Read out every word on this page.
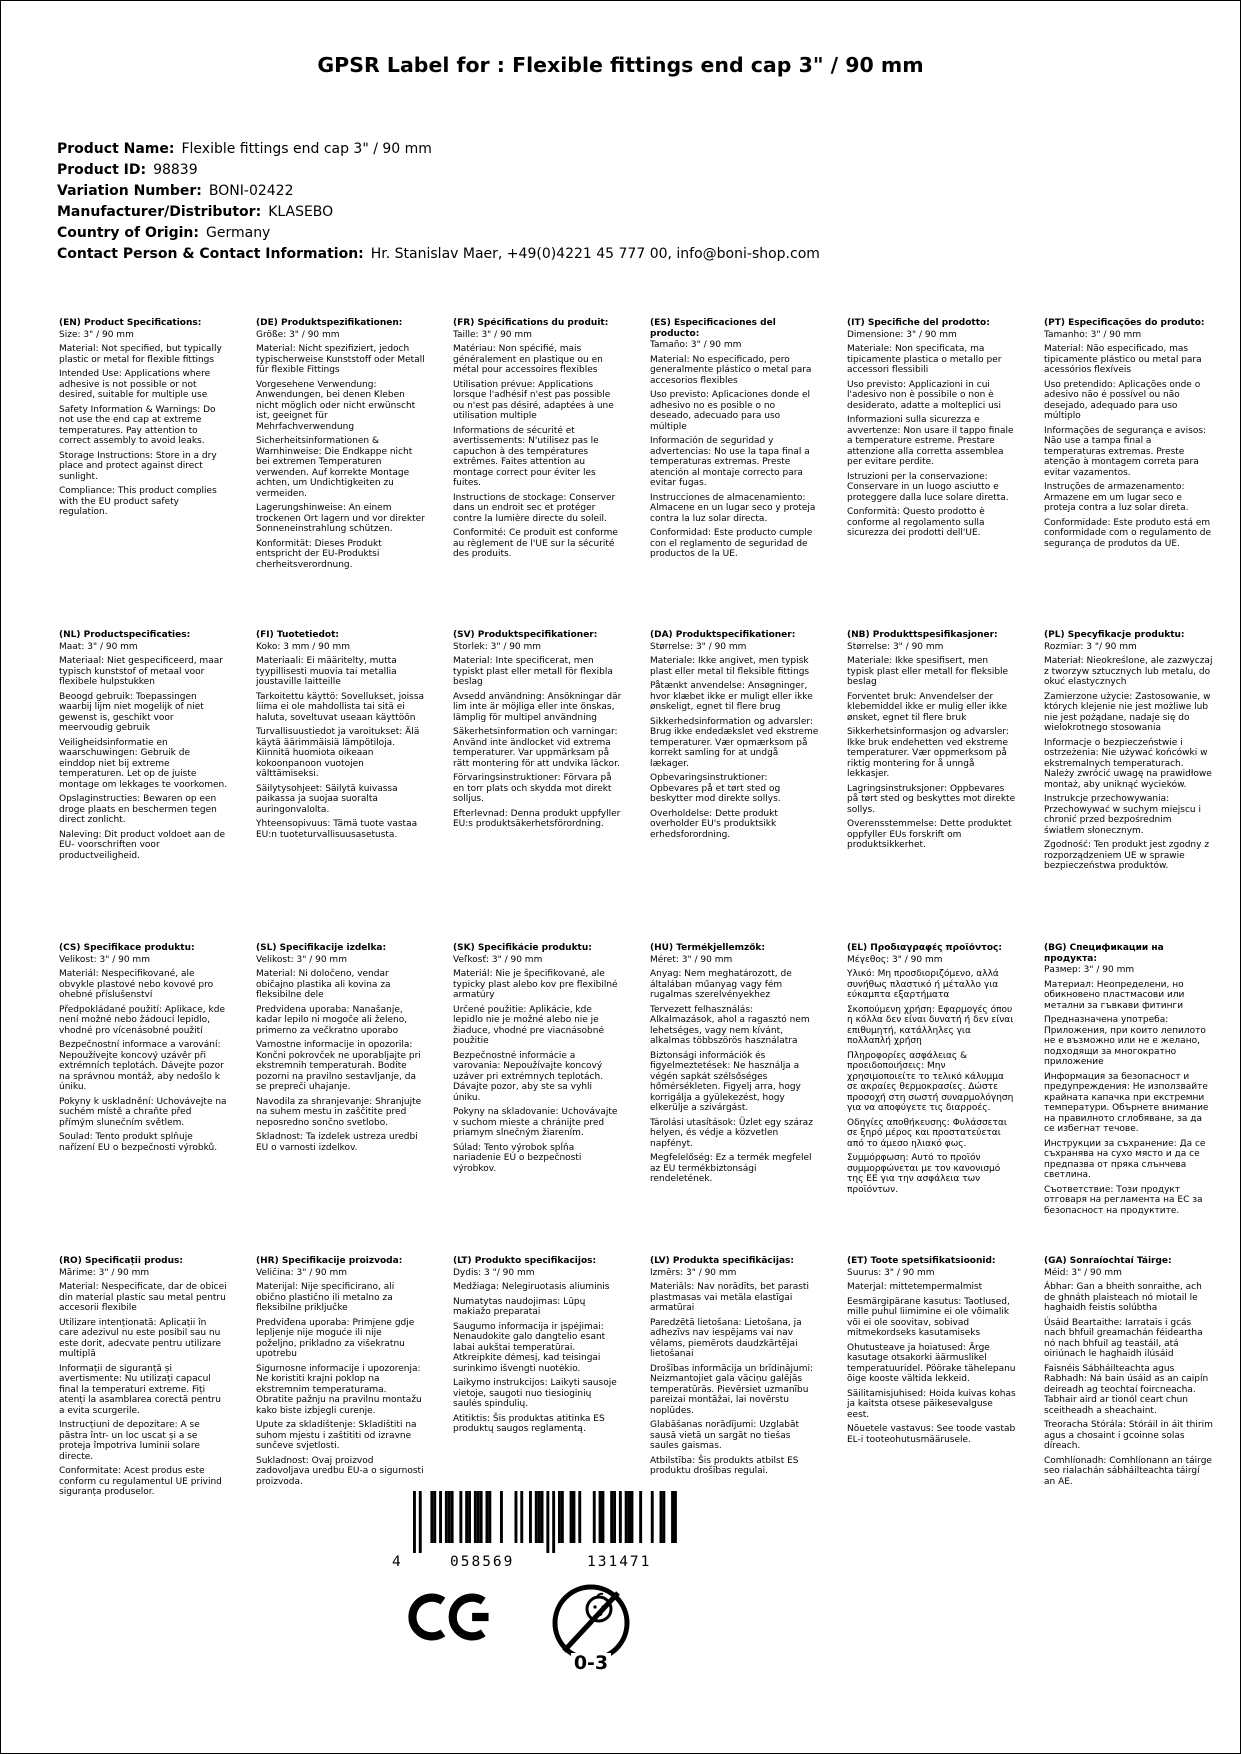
GPSR Label for : Flexible fittings end cap 3" / 90 mm
Product Name: Flexible fittings end cap 3" / 90 mm
Product ID: 98839
Variation Number: BONI-02422
Manufacturer/Distributor: KLASEBO
Country of Origin: Germany
Contact Person & Contact Information: Hr. Stanislav Maer, +49(0)4221 45 777 00, info@boni-shop.com
(EN) Product Specifications:

Size: 3" / 90 mm

Material: Not specified, but typically plastic or metal for flexible fittings

Intended Use: Applications where adhesive is not possible or not desired, suitable for multiple use

Safety Information & Warnings: Do not use the end cap at extreme temperatures. Pay attention to correct assembly to avoid leaks.

Storage Instructions: Store in a dry place and protect against direct sunlight.

Compliance: This product complies with the EU product safety regulation.

(DE) Produktspezifikationen:

Größe: 3" / 90 mm

Material: Nicht spezifiziert, jedoch typischerweise Kunststoff oder Metall für flexible Fittings

Vorgesehene Verwendung: Anwendungen, bei denen Kleben nicht möglich oder nicht erwünscht ist, geeignet für Mehrfachverwendung

Sicherheitsinformationen & Warnhinweise: Die Endkappe nicht bei extremen Temperaturen verwenden. Auf korrekte Montage achten, um Undichtigkeiten zu vermeiden.

Lagerungshinweise: An einem trockenen Ort lagern und vor direkter Sonneneinstrahlung schützen.

Konformität: Dieses Produkt entspricht der EU-Produktsi cherheitsverordnung.

(FR) Spécifications du produit:

Taille: 3" / 90 mm

Matériau: Non spécifié, mais généralement en plastique ou en métal pour accessoires flexibles

Utilisation prévue: Applications lorsque l'adhésif n'est pas possible ou n'est pas désiré, adaptées à une utilisation multiple

Informations de sécurité et avertissements: N'utilisez pas le capuchon à des températures extrêmes. Faites attention au montage correct pour éviter les fuites.

Instructions de stockage: Conserver dans un endroit sec et protéger contre la lumière directe du soleil.

Conformité: Ce produit est conforme au règlement de l'UE sur la sécurité des produits.

(ES) Especificaciones del producto:

Tamaño: 3" / 90 mm

Material: No especificado, pero generalmente plástico o metal para accesorios flexibles

Uso previsto: Aplicaciones donde el adhesivo no es posible o no deseado, adecuado para uso múltiple

Información de seguridad y advertencias: No use la tapa final a temperaturas extremas. Preste atención al montaje correcto para evitar fugas.

Instrucciones de almacenamiento: Almacene en un lugar seco y proteja contra la luz solar directa.

Conformidad: Este producto cumple con el reglamento de seguridad de productos de la UE.

(IT) Specifiche del prodotto:

Dimensione: 3" / 90 mm

Materiale: Non specificata, ma tipicamente plastica o metallo per accessori flessibili

Uso previsto: Applicazioni in cui l'adesivo non è possibile o non è desiderato, adatte a molteplici usi

Informazioni sulla sicurezza e avvertenze: Non usare il tappo finale a temperature estreme. Prestare attenzione alla corretta assemblea per evitare perdite.

Istruzioni per la conservazione: Conservare in un luogo asciutto e proteggere dalla luce solare diretta.

Conformità: Questo prodotto è conforme al regolamento sulla sicurezza dei prodotti dell'UE.

(PT) Especificações do produto:

Tamanho: 3" / 90 mm

Material: Não especificado, mas tipicamente plástico ou metal para acessórios flexíveis

Uso pretendido: Aplicações onde o adesivo não é possível ou não desejado, adequado para uso múltiplo

Informações de segurança e avisos: Não use a tampa final a temperaturas extremas. Preste atenção à montagem correta para evitar vazamentos.

Instruções de armazenamento: Armazene em um lugar seco e proteja contra a luz solar direta.

Conformidade: Este produto está em conformidade com o regulamento de segurança de produtos da UE.

(NL) Productspecificaties:

Maat: 3" / 90 mm

Materiaal: Niet gespecificeerd, maar typisch kunststof of metaal voor flexibele hulpstukken

Beoogd gebruik: Toepassingen waarbij lijm niet mogelijk of niet gewenst is, geschikt voor meervoudig gebruik

Veiligheidsinformatie en waarschuwingen: Gebruik de einddop niet bij extreme temperaturen. Let op de juiste montage om lekkages te voorkomen.

Opslaginstructies: Bewaren op een droge plaats en beschermen tegen direct zonlicht.

Naleving: Dit product voldoet aan de EU- voorschriften voor productveiligheid.

(FI) Tuotetiedot:

Koko: 3 mm / 90 mm

Materiaali: Ei määritelty, mutta tyypillisesti muovia tai metallia joustaville laitteille

Tarkoitettu käyttö: Sovellukset, joissa liima ei ole mahdollista tai sitä ei haluta, soveltuvat useaan käyttöön

Turvallisuustiedot ja varoitukset: Älä käytä äärimmäisiä lämpötiloja. Kiinnitä huomiota oikeaan kokoonpanoon vuotojen välttämiseksi.

Säilytysohjeet: Säilytä kuivassa paikassa ja suojaa suoralta auringonvalolta.

Yhteensopivuus: Tämä tuote vastaa EU:n tuoteturvallisuusasetusta.

(SV) Produktspecifikationer:

Storlek: 3" / 90 mm

Material: Inte specificerat, men typiskt plast eller metall för flexibla beslag

Avsedd användning: Ansökningar där lim inte är möjliga eller inte önskas, lämplig för multipel användning

Säkerhetsinformation och varningar: Använd inte ändlocket vid extrema temperaturer. Var uppmärksam på rätt montering för att undvika läckor.

Förvaringsinstruktioner: Förvara på en torr plats och skydda mot direkt solljus.

Efterlevnad: Denna produkt uppfyller EU:s produktsäkerhetsförordning.

(DA) Produktspecifikationer:

Størrelse: 3" / 90 mm

Materiale: Ikke angivet, men typisk plast eller metal til fleksible fittings

Påtænkt anvendelse: Ansøgninger, hvor klæbet ikke er muligt eller ikke ønskeligt, egnet til flere brug

Sikkerhedsinformation og advarsler: Brug ikke endedækslet ved ekstreme temperaturer. Vær opmærksom på korrekt samling for at undgå lækager.

Opbevaringsinstruktioner: Opbevares på et tørt sted og beskytter mod direkte sollys.

Overholdelse: Dette produkt overholder EU's produktsikk erhedsforordning.

(NB) Produkttspesifikasjoner:

Størrelse: 3" / 90 mm

Materiale: Ikke spesifisert, men typisk plast eller metall for fleksible beslag

Forventet bruk: Anvendelser der klebemiddel ikke er mulig eller ikke ønsket, egnet til flere bruk

Sikkerhetsinformasjon og advarsler: Ikke bruk endehetten ved ekstreme temperaturer. Vær oppmerksom på riktig montering for å unngå lekkasjer.

Lagringsinstruksjoner: Oppbevares på tørt sted og beskyttes mot direkte sollys.

Overensstemmelse: Dette produktet oppfyller EUs forskrift om produktsikkerhet.

(PL) Specyfikacje produktu:

Rozmiar: 3 "/ 90 mm

Materiał: Nieokreślone, ale zazwyczaj z tworzyw sztucznych lub metalu, do okuć elastycznych

Zamierzone użycie: Zastosowanie, w których klejenie nie jest możliwe lub nie jest pożądane, nadaje się do wielokrotnego stosowania

Informacje o bezpieczeństwie i ostrzeżenia: Nie używać końcówki w ekstremalnych temperaturach. Należy zwrócić uwagę na prawidłowe montaż, aby uniknąć wycieków.

Instrukcje przechowywania: Przechowywać w suchym miejscu i chronić przed bezpośrednim światłem słonecznym.

Zgodność: Ten produkt jest zgodny z rozporządzeniem UE w sprawie bezpieczeństwa produktów.

(CS) Specifikace produktu:

Velikost: 3" / 90 mm

Materiál: Nespecifikované, ale obvykle plastové nebo kovové pro ohebné příslušenství

Předpokládané použití: Aplikace, kde není možné nebo žádoucí lepidlo, vhodné pro vícenásobné použití

Bezpečnostní informace a varování: Nepoužívejte koncový uzávěr při extrémních teplotách. Dávejte pozor na správnou montáž, aby nedošlo k úniku.

Pokyny k uskladnění: Uchovávejte na suchém místě a chraňte před přímým slunečním světlem.

Soulad: Tento produkt splňuje nařízení EU o bezpečnosti výrobků.

(SL) Specifikacije izdelka:

Velikost: 3" / 90 mm

Material: Ni določeno, vendar običajno plastika ali kovina za fleksibilne dele

Predvidena uporaba: Nanašanje, kadar lepilo ni mogoče ali želeno, primerno za večkratno uporabo

Varnostne informacije in opozorila: Končni pokrovček ne uporabljajte pri ekstremnih temperaturah. Bodite pozorni na pravilno sestavljanje, da se prepreči uhajanje.

Navodila za shranjevanje: Shranjujte na suhem mestu in zaščitite pred neposredno sončno svetlobo.

Skladnost: Ta izdelek ustreza uredbi EU o varnosti izdelkov.

(SK) Špecifikácie produktu:

Veľkosť: 3" / 90 mm

Materiál: Nie je špecifikované, ale typicky plast alebo kov pre flexibilné armatúry

Určené použitie: Aplikácie, kde lepidlo nie je možné alebo nie je žiaduce, vhodné pre viacnásobné použitie

Bezpečnostné informácie a varovania: Nepoužívajte koncový uzáver pri extrémnych teplotách. Dávajte pozor, aby ste sa vyhli úniku.

Pokyny na skladovanie: Uchovávajte v suchom mieste a chránijte pred priamym slnečným žiarením.

Súlad: Tento výrobok spĺňa nariadenie EÚ o bezpečnosti výrobkov.

(HU) Termékjellemzők:

Méret: 3" / 90 mm

Anyag: Nem meghatározott, de általában műanyag vagy fém rugalmas szerelvényekhez

Tervezett felhasználás: Alkalmazások, ahol a ragasztó nem lehetséges, vagy nem kívánt, alkalmas többszörös használatra

Biztonsági információk és figyelmeztetések: Ne használja a végén sapkát szélsőséges hőmérsékleten. Figyelj arra, hogy korrigálja a gyülekezést, hogy elkerülje a szivárgást.

Tárolási utasítások: Üzlet egy száraz helyen, és védje a közvetlen napfényt.

Megfelelőség: Ez a termék megfelel az EU termékbiztonsági rendeletének.

(EL) Προδιαγραφές προϊόντος:

Μέγεθος: 3" / 90 mm

Υλικό: Μη προσδιοριζόμενο, αλλά συνήθως πλαστικό ή μέταλλο για εύκαμπτα εξαρτήματα

Σκοπούμενη χρήση: Εφαρμογές όπου η κόλλα δεν είναι δυνατή ή δεν είναι επιθυμητή, κατάλληλες για πολλαπλή χρήση

Πληροφορίες ασφάλειας & προειδοποιήσεις: Μην χρησιμοποιείτε το τελικό κάλυμμα σε ακραίες θερμοκρασίες. Δώστε προσοχή στη σωστή συναρμολόγηση για να αποφύγετε τις διαρροές.

Οδηγίες αποθήκευσης: Φυλάσσεται σε ξηρό μέρος και προστατεύεται από το άμεσο ηλιακό φως.

Συμμόρφωση: Αυτό το προϊόν συμμορφώνεται με τον κανονισμό της ΕΕ για την ασφάλεια των προϊόντων.

(BG) Спецификации на продукта:

Размер: 3" / 90 mm

Материал: Неопределени, но обикновено пластмасови или метални за гъвкави фитинги

Предназначена употреба: Приложения, при които лепилото не е възможно или не е желано, подходящи за многократно приложение

Информация за безопасност и предупреждения: Не използвайте крайната капачка при екстремни температури. Обърнете внимание на правилното сглобяване, за да се избегнат течове.

Инструкции за съхранение: Да се съхранява на сухо място и да се предпазва от пряка слънчева светлина.

Съответствие: Този продукт отговаря на регламента на ЕС за безопасност на продуктите.

(RO) Specificații produs:

Mărime: 3" / 90 mm

Material: Nespecificate, dar de obicei din material plastic sau metal pentru accesorii flexibile

Utilizare intenționată: Aplicații în care adezivul nu este posibil sau nu este dorit, adecvate pentru utilizare multiplă

Informații de siguranță și avertismente: Nu utilizați capacul final la temperaturi extreme. Fiți atenți la asamblarea corectă pentru a evita scurgerile.

Instrucțiuni de depozitare: A se păstra într- un loc uscat și a se proteja împotriva luminii solare directe.

Conformitate: Acest produs este conform cu regulamentul UE privind siguranța produselor.

(HR) Specifikacije proizvoda:

Veličina: 3" / 90 mm

Materijal: Nije specificirano, ali obično plastično ili metalno za fleksibilne priključke

Predviđena uporaba: Primjene gdje lepljenje nije moguće ili nije poželjno, prikladno za višekratnu upotrebu

Sigurnosne informacije i upozorenja: Ne koristiti krajni poklop na ekstremnim temperaturama. Obratite pažnju na pravilnu montažu kako biste izbjegli curenje.

Upute za skladištenje: Skladištiti na suhom mjestu i zaštititi od izravne sunčeve svjetlosti.

Sukladnost: Ovaj proizvod zadovoljava uredbu EU-a o sigurnosti proizvoda.

(LT) Produkto specifikacijos:

Dydis: 3 "/ 90 mm

Medžiaga: Nelegiruotasis aliuminis

Numatytas naudojimas: Lūpų makiažo preparatai

Saugumo informacija ir įspėjimai: Nenaudokite galo dangtelio esant labai aukštai temperatūrai. Atkreipkite dėmesį, kad teisingai surinkimo išvengti nuotėkio.

Laikymo instrukcijos: Laikyti sausoje vietoje, saugoti nuo tiesioginių saulės spindulių.

Atitiktis: Šis produktas atitinka ES produktų saugos reglamentą.

(LV) Produkta specifikācijas:

Izmērs: 3" / 90 mm

Materiāls: Nav norādīts, bet parasti plastmasas vai metāla elastīgai armatūrai

Paredzētā lietošana: Lietošana, ja adhezīvs nav iespējams vai nav vēlams, piemērots daudzkārtējai lietošanai

Drošības informācija un brīdinājumi: Neizmantojiet gala vāciņu galējās temperatūrās. Pievērsiet uzmanību pareizai montāžai, lai novērstu noplūdes.

Glabāšanas norādījumi: Uzglabāt sausā vietā un sargāt no tiešas saules gaismas.

Atbilstība: Šis produkts atbilst ES produktu drošības regulai.

(ET) Toote spetsifikatsioonid:

Suurus: 3" / 90 mm

Materjal: mittetempermalmist

Eesmärgipärane kasutus: Taotlused, mille puhul liimimine ei ole võimalik või ei ole soovitav, sobivad mitmekordseks kasutamiseks

Ohutusteave ja hoiatused: Ärge kasutage otsakorki äärmuslikel temperatuuridel. Pöörake tähelepanu õige kooste vältida lekkeid.

Säilitamisjuhised: Hoida kuivas kohas ja kaitsta otsese päikesevalguse eest.

Nõuetele vastavus: See toode vastab EL-i tooteohutusmäärusele.

(GA) Sonraíochtaí Táirge:

Méid: 3" / 90 mm

Ábhar: Gan a bheith sonraithe, ach de ghnáth plaisteach nó miotail le haghaidh feistis solúbtha

Úsáid Beartaithe: Iarratais i gcás nach bhfuil greamachán féideartha nó nach bhfuil ag teastáil, atá oiriúnach le haghaidh ilúsáid

Faisnéis Sábháilteachta agus Rabhadh: Ná bain úsáid as an caipín deireadh ag teochtaí foircneacha. Tabhair aird ar tionól ceart chun sceitheadh a sheachaint.

Treoracha Stórála: Stóráil in áit thirim agus a chosaint i gcoinne solas díreach.

Comhlíonadh: Comhlíonann an táirge seo rialachán sábháilteachta táirgí an AE.

4	058569	131471
0-3
